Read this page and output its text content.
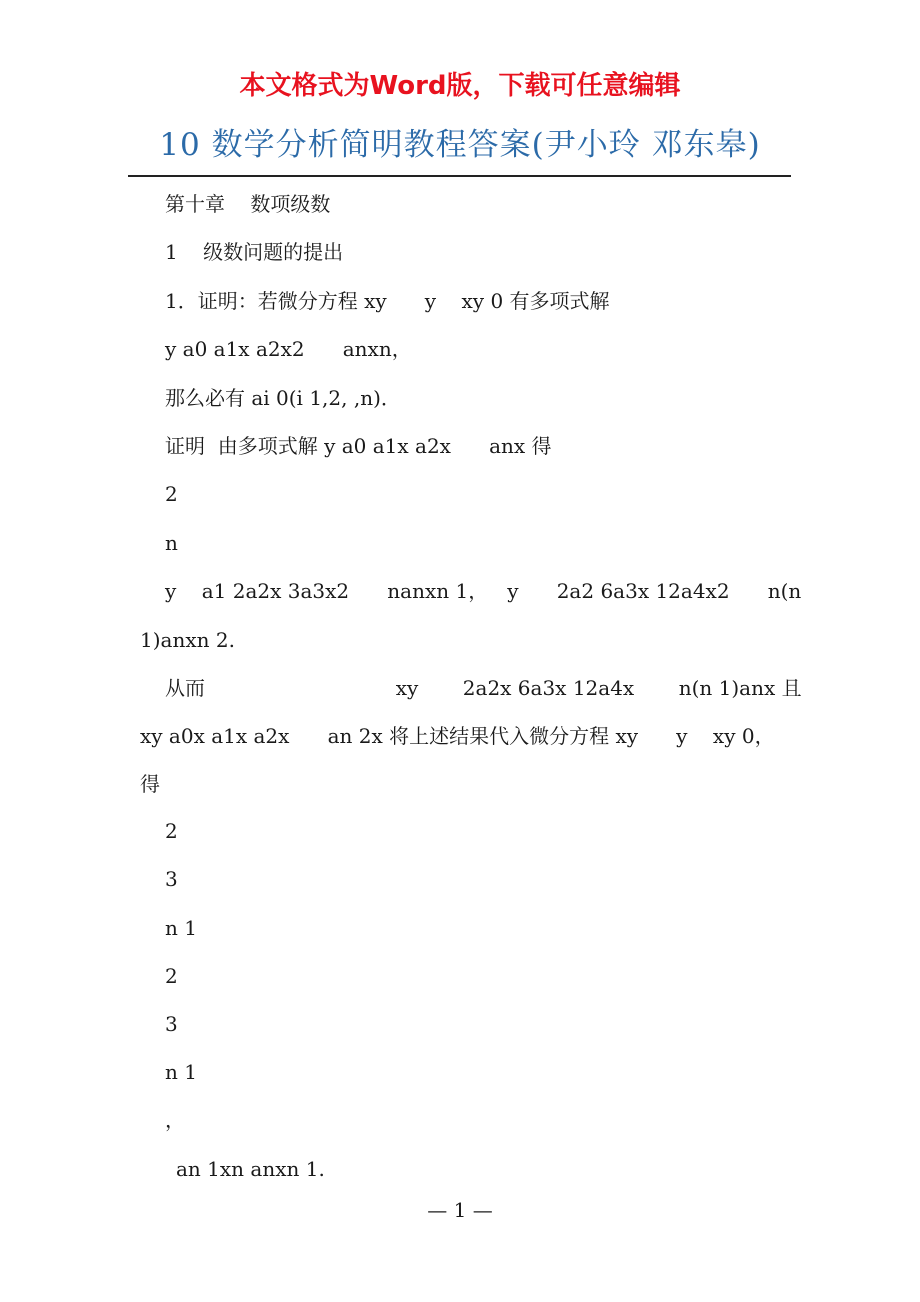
本文格式为Word版，下载可任意编辑
10 数学分析简明教程答案(尹小玲 邓东皋)
第十章    数项级数
1    级数问题的提出
1．证明：若微分方程 xy      y    xy 0 有多项式解
y a0 a1x a2x2      anxn，
那么必有 ai 0(i 1,2, ,n)．
证明  由多项式解 y a0 a1x a2x      anx 得
2
n
y    a1 2a2x 3a3x2      nanxn 1，   y      2a2 6a3x 12a4x2      n(n
1)anxn 2.
从而                              xy       2a2x 6a3x 12a4x       n(n 1)anx 且
xy a0x a1x a2x      an 2x 将上述结果代入微分方程 xy      y    xy 0，
得
2
3
n 1
2
3
n 1
，
an 1xn anxn 1.
— 1 —
